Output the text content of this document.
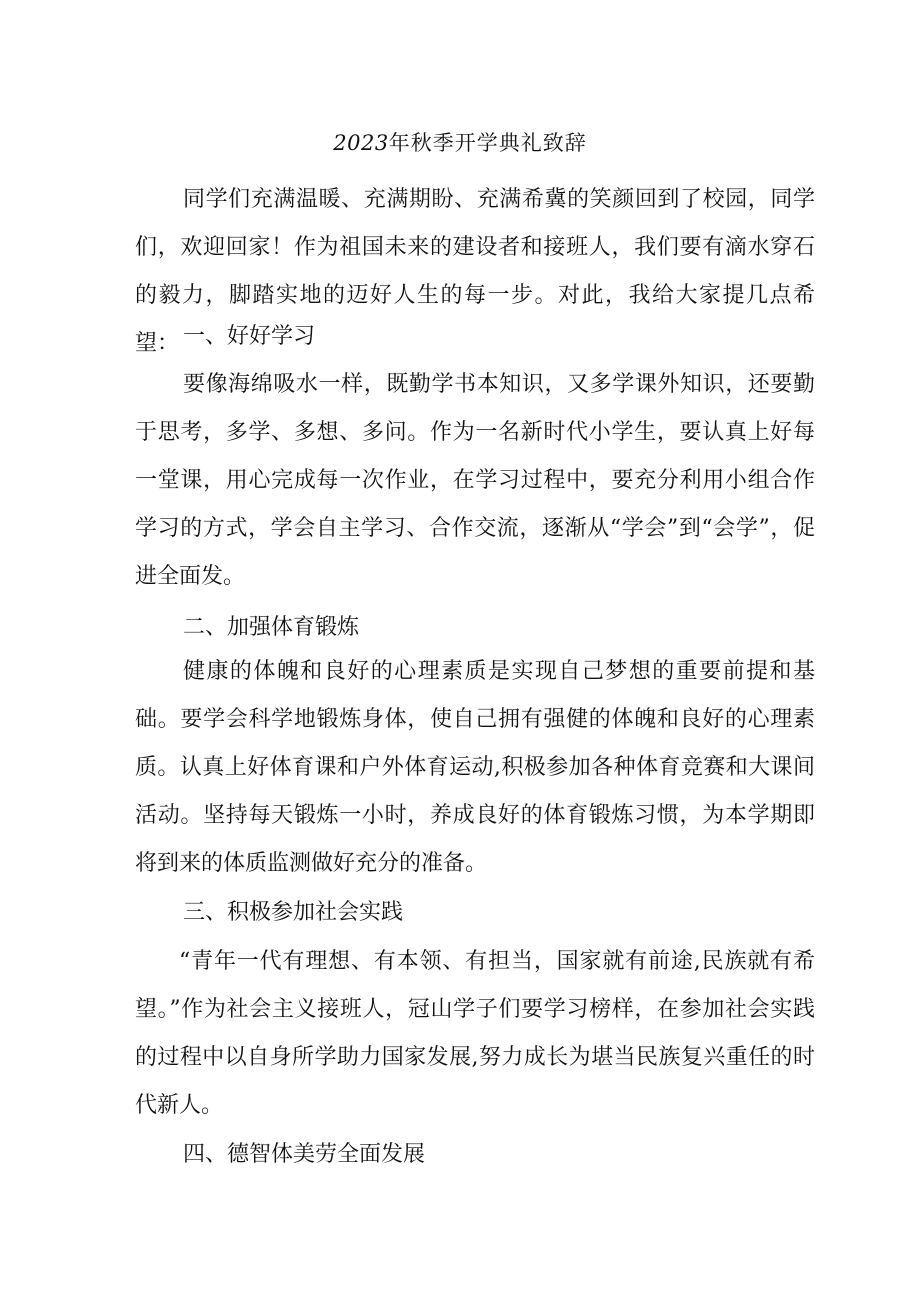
2023年秋季开学典礼致辞

同学们充满温暖、充满期盼、充满希冀的笑颜回到了校园，同学们，欢迎回家！作为祖国未来的建设者和接班人，我们要有滴水穿石的毅力，脚踏实地的迈好人生的每一步。对此，我给大家提几点希望： 一、好好学习

要像海绵吸水一样，既勤学书本知识，又多学课外知识，还要勤于思考，多学、多想、多问。作为一名新时代小学生，要认真上好每一堂课，用心完成每一次作业，在学习过程中，要充分利用小组合作学习的方式，学会自主学习、合作交流，逐渐从“学会”到“会学”，促进全面发。

二、加强体育锻炼

健康的体魄和良好的心理素质是实现自己梦想的重要前提和基础。要学会科学地锻炼身体，使自己拥有强健的体魄和良好的心理素质。认真上好体育课和户外体育运动,积极参加各种体育竞赛和大课间活动。坚持每天锻炼一小时，养成良好的体育锻炼习惯，为本学期即将到来的体质监测做好充分的准备。

三、积极参加社会实践

“青年一代有理想、有本领、有担当，国家就有前途,民族就有希望。”作为社会主义接班人，冠山学子们要学习榜样，在参加社会实践的过程中以自身所学助力国家发展,努力成长为堪当民族复兴重任的时代新人。

四、德智体美劳全面发展
